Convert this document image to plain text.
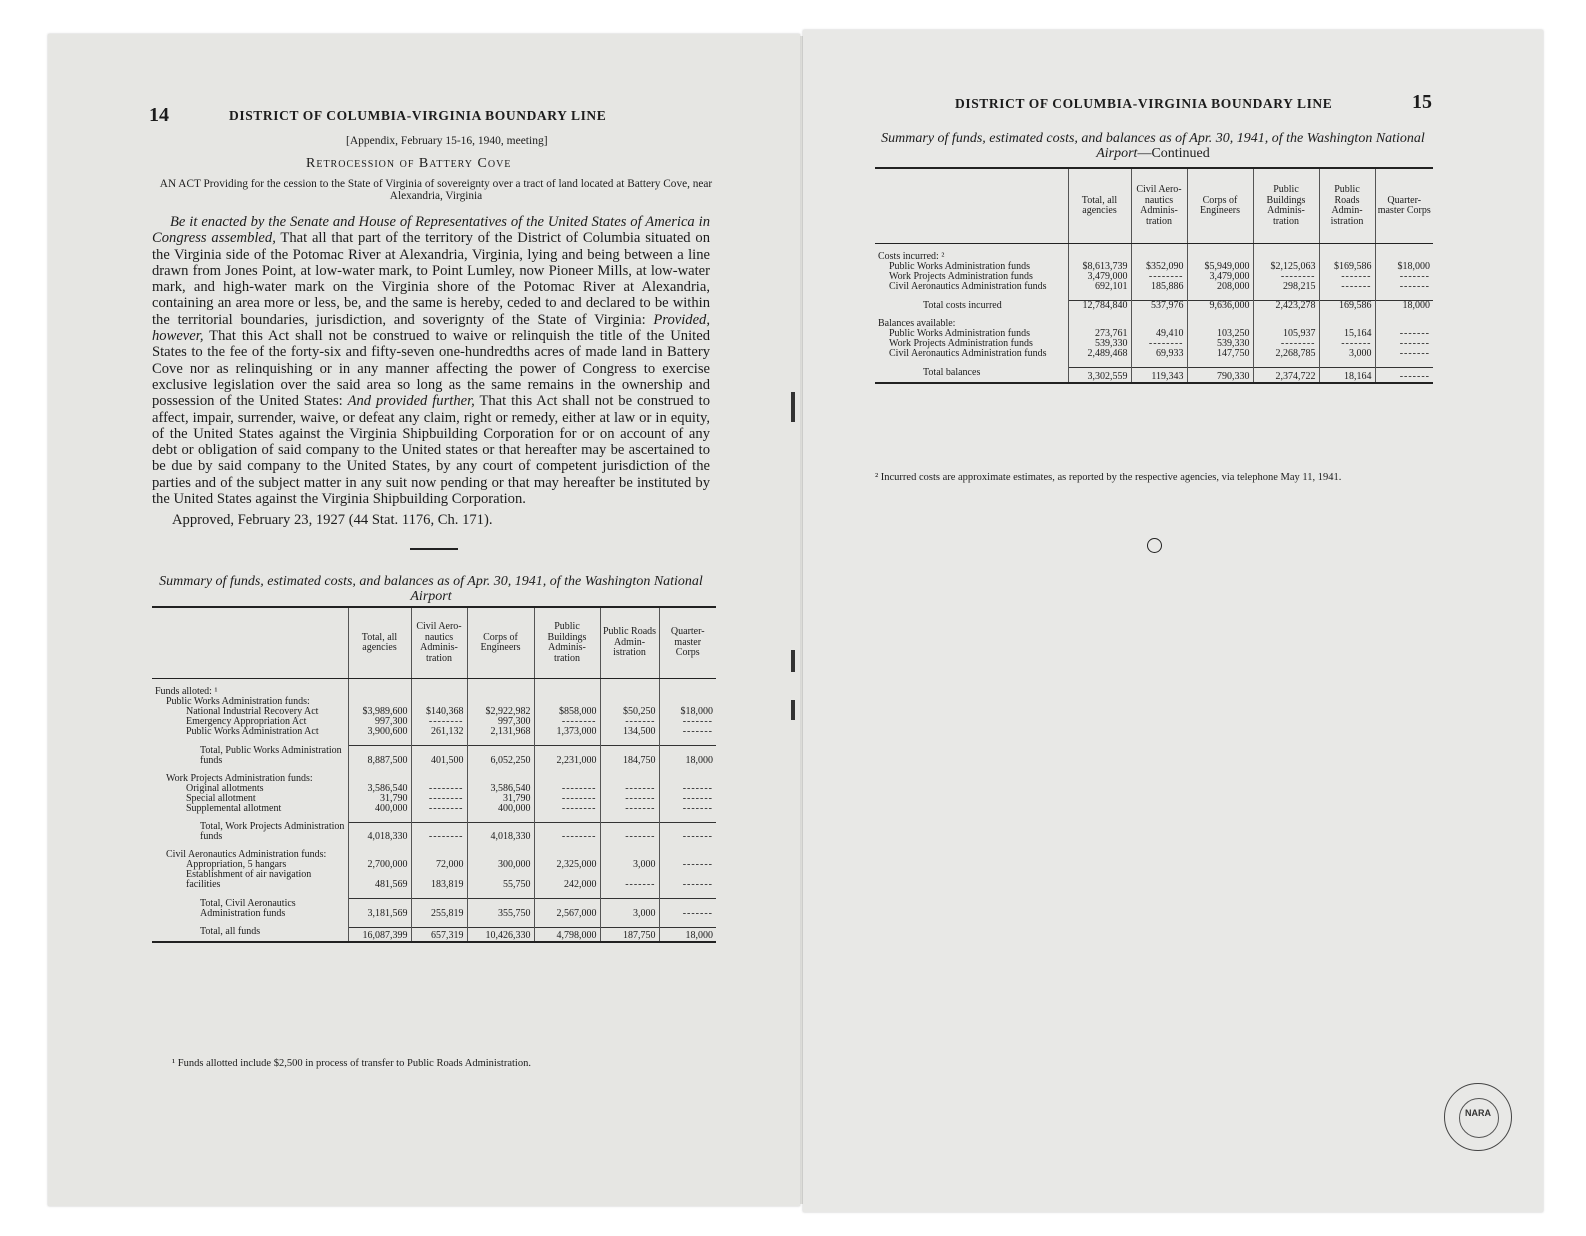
14	DISTRICT OF COLUMBIA-VIRGINIA BOUNDARY LINE
[Appendix, February 15-16, 1940, meeting]
Retrocession of Battery Cove
AN ACT Providing for the cession to the State of Virginia of sovereignty over a tract of land located at Battery Cove, near Alexandria, Virginia
Be it enacted by the Senate and House of Representatives of the United States of America in Congress assembled, That all that part of the territory of the District of Columbia situated on the Virginia side of the Potomac River at Alexandria, Virginia, lying and being between a line drawn from Jones Point, at low-water mark, to Point Lumley, now Pioneer Mills, at low-water mark, and high-water mark on the Virginia shore of the Potomac River at Alexandria, containing an area more or less, be, and the same is hereby, ceded to and declared to be within the territorial boundaries, jurisdiction, and soverignty of the State of Virginia: Provided, however, That this Act shall not be construed to waive or relinquish the title of the United States to the fee of the forty-six and fifty-seven one-hundredths acres of made land in Battery Cove nor as relinquishing or in any manner affecting the power of Congress to exercise exclusive legislation over the said area so long as the same remains in the ownership and possession of the United States: And provided further, That this Act shall not be construed to affect, impair, surrender, waive, or defeat any claim, right or remedy, either at law or in equity, of the United States against the Virginia Shipbuilding Corporation for or on account of any debt or obligation of said company to the United states or that hereafter may be ascertained to be due by said company to the United States, by any court of competent jurisdiction of the parties and of the subject matter in any suit now pending or that may hereafter be instituted by the United States against the Virginia Shipbuilding Corporation.
Approved, February 23, 1927 (44 Stat. 1176, Ch. 171).
Summary of funds, estimated costs, and balances as of Apr. 30, 1941, of the Washington National Airport
	Total, all agencies	Civil Aero-nautics Adminis-tration	Corps of Engineers	Public Buildings Adminis-tration	Public Roads Admin-istration	Quarter-master Corps

Funds alloted: ¹						
Public Works Administration funds:						
National Industrial Recovery Act	$3,989,600	$140,368	$2,922,982	$858,000	$50,250	$18,000
Emergency Appropriation Act	997,300	--------	997,300	--------	-------	-------
Public Works Administration Act	3,900,600	261,132	2,131,968	1,373,000	134,500	-------

Total, Public Works Administration funds	8,887,500	401,500	6,052,250	2,231,000	184,750	18,000

Work Projects Administration funds:						
Original allotments	3,586,540	--------	3,586,540	--------	-------	-------
Special allotment	31,790	--------	31,790	--------	-------	-------
Supplemental allotment	400,000	--------	400,000	--------	-------	-------

Total, Work Projects Administration funds	4,018,330	--------	4,018,330	--------	-------	-------

Civil Aeronautics Administration funds:						
Appropriation, 5 hangars	2,700,000	72,000	300,000	2,325,000	3,000	-------
Establishment of air navigation facilities	481,569	183,819	55,750	242,000	-------	-------

Total, Civil Aeronautics Administration funds	3,181,569	255,819	355,750	2,567,000	3,000	-------

Total, all funds	16,087,399	657,319	10,426,330	4,798,000	187,750	18,000
¹ Funds allotted include $2,500 in process of transfer to Public Roads Administration.
DISTRICT OF COLUMBIA-VIRGINIA BOUNDARY LINE	15
Summary of funds, estimated costs, and balances as of Apr. 30, 1941, of the Washington National Airport—Continued
	Total, all agencies	Civil Aero-nautics Adminis-tration	Corps of Engineers	Public Buildings Adminis-tration	Public Roads Admin-istration	Quarter-master Corps

Costs incurred: ²						
Public Works Administration funds	$8,613,739	$352,090	$5,949,000	$2,125,063	$169,586	$18,000
Work Projects Administration funds	3,479,000	--------	3,479,000	--------	-------	-------
Civil Aeronautics Administration funds	692,101	185,886	208,000	298,215	-------	-------

Total costs incurred	12,784,840	537,976	9,636,000	2,423,278	169,586	18,000

Balances available:						
Public Works Administration funds	273,761	49,410	103,250	105,937	15,164	-------
Work Projects Administration funds	539,330	--------	539,330	--------	-------	-------
Civil Aeronautics Administration funds	2,489,468	69,933	147,750	2,268,785	3,000	-------

Total balances	3,302,559	119,343	790,330	2,374,722	18,164	-------
² Incurred costs are approximate estimates, as reported by the respective agencies, via telephone May 11, 1941.
NARA
